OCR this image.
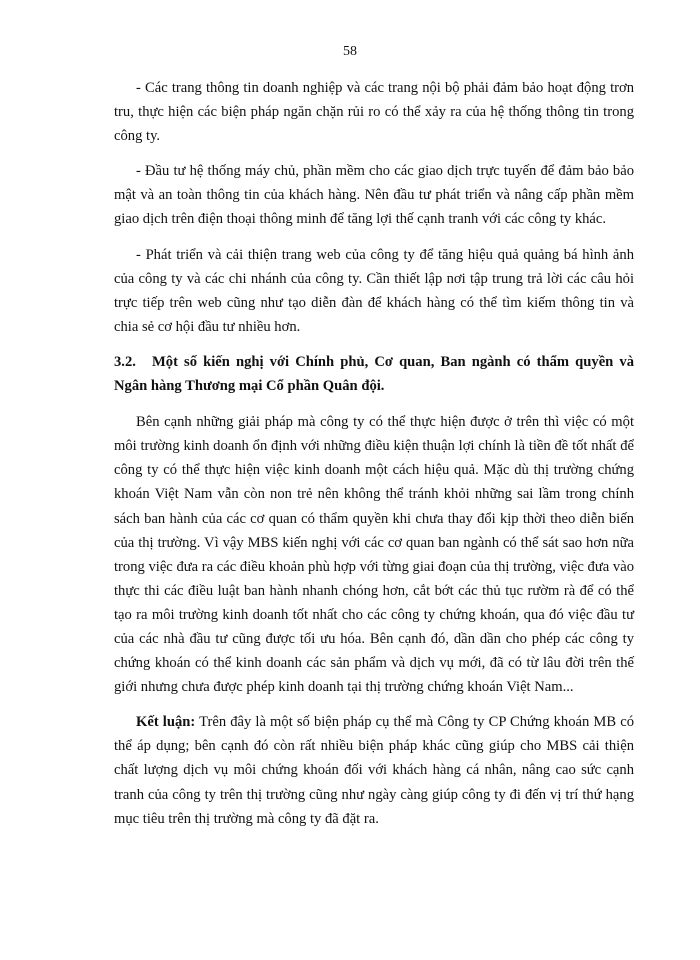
58

- Các trang thông tin doanh nghiệp và các trang nội bộ phải đảm bảo hoạt động trơn tru, thực hiện các biện pháp ngăn chặn rủi ro có thể xảy ra của hệ thống thông tin trong công ty.

- Đầu tư hệ thống máy chủ, phần mềm cho các giao dịch trực tuyến để đảm bảo bảo mật và an toàn thông tin của khách hàng. Nên đầu tư phát triển và nâng cấp phần mềm giao dịch trên điện thoại thông minh để tăng lợi thế cạnh tranh với các công ty khác.

- Phát triển và cải thiện trang web của công ty để tăng hiệu quả quảng bá hình ảnh của công ty và các chi nhánh của công ty. Cần thiết lập nơi tập trung trả lời các câu hỏi trực tiếp trên web cũng như tạo diễn đàn để khách hàng có thể tìm kiếm thông tin và chia sẻ cơ hội đầu tư nhiều hơn.

3.2. Một số kiến nghị với Chính phủ, Cơ quan, Ban ngành có thẩm quyền và Ngân hàng Thương mại Cổ phần Quân đội.

Bên cạnh những giải pháp mà công ty có thể thực hiện được ở trên thì việc có một môi trường kinh doanh ổn định với những điều kiện thuận lợi chính là tiền đề tốt nhất để công ty có thể thực hiện việc kinh doanh một cách hiệu quả. Mặc dù thị trường chứng khoán Việt Nam vẫn còn non trẻ nên không thể tránh khỏi những sai lầm trong chính sách ban hành của các cơ quan có thẩm quyền khi chưa thay đổi kịp thời theo diễn biến của thị trường. Vì vậy MBS kiến nghị với các cơ quan ban ngành có thể sát sao hơn nữa trong việc đưa ra các điều khoản phù hợp với từng giai đoạn của thị trường, việc đưa vào thực thi các điều luật ban hành nhanh chóng hơn, cắt bớt các thủ tục rườm rà để có thể tạo ra môi trường kinh doanh tốt nhất cho các công ty chứng khoán, qua đó việc đầu tư của các nhà đầu tư cũng được tối ưu hóa. Bên cạnh đó, dần dần cho phép các công ty chứng khoán có thể kinh doanh các sản phẩm và dịch vụ mới, đã có từ lâu đời trên thế giới nhưng chưa được phép kinh doanh tại thị trường chứng khoán Việt Nam...

Kết luận: Trên đây là một số biện pháp cụ thể mà Công ty CP Chứng khoán MB có thể áp dụng; bên cạnh đó còn rất nhiều biện pháp khác cũng giúp cho MBS cải thiện chất lượng dịch vụ môi chứng khoán đối với khách hàng cá nhân, nâng cao sức cạnh tranh của công ty trên thị trường cũng như ngày càng giúp công ty đi đến vị trí thứ hạng mục tiêu trên thị trường mà công ty đã đặt ra.
